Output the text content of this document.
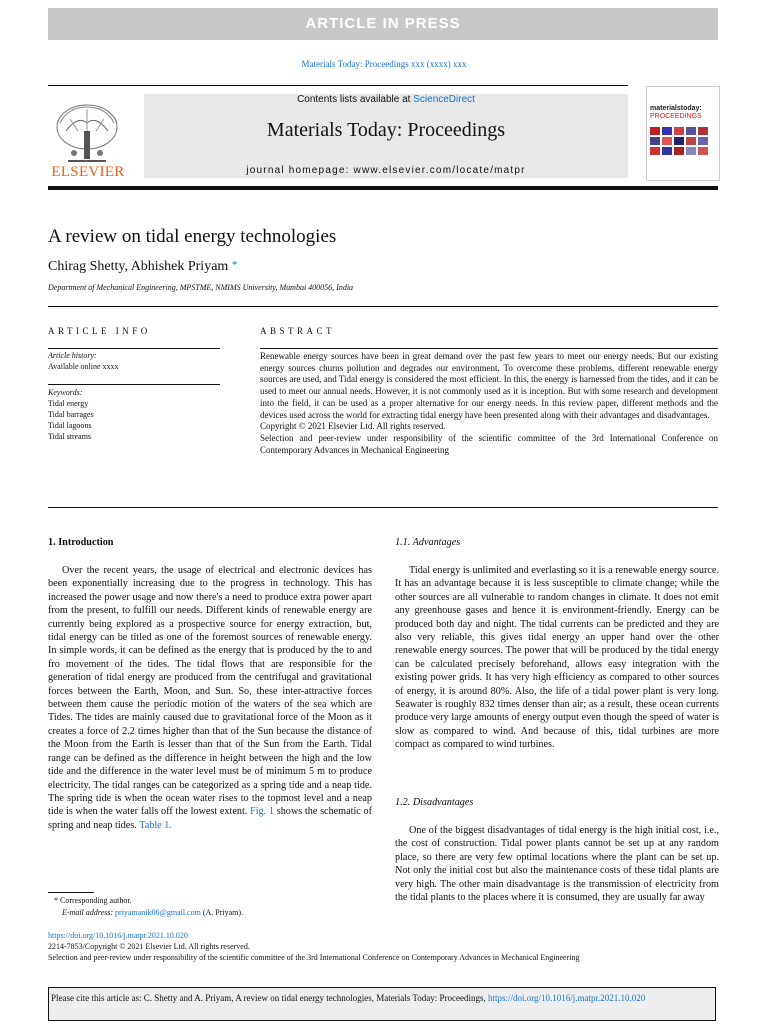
ARTICLE IN PRESS
Materials Today: Proceedings xxx (xxxx) xxx
ELSEVIER
Contents lists available at ScienceDirect
Materials Today: Proceedings
journal homepage: www.elsevier.com/locate/matpr
materialstoday:
PROCEEDINGS
A review on tidal energy technologies
Chirag Shetty, Abhishek Priyam *
Department of Mechanical Engineering, MPSTME, NMIMS University, Mumbai 400056, India
ARTICLE INFO
Article history:
Available online xxxx
Keywords:
Tidal energy
Tidal barrages
Tidal lagoons
Tidal streams
ABSTRACT

Renewable energy sources have been in great demand over the past few years to meet our energy needs. But our existing energy sources churns pollution and degrades our environment. To overcome these problems, different renewable energy sources are used, and Tidal energy is considered the most efficient. In this, the energy is harnessed from the tides, and it can be used to meet our annual needs. However, it is not commonly used as it is inception. But with some research and development into the field, it can be used as a proper alternative for our energy needs. In this review paper, different methods and the devices used across the world for extracting tidal energy have been presented along with their advantages and disadvantages.

Copyright © 2021 Elsevier Ltd. All rights reserved.

Selection and peer-review under responsibility of the scientific committee of the 3rd International Conference on Contemporary Advances in Mechanical Engineering

1. Introduction

Over the recent years, the usage of electrical and electronic devices has been exponentially increasing due to the progress in technology. This has increased the power usage and now there's a need to produce extra power apart from the present, to fulfill our needs. Different kinds of renewable energy are currently being explored as a prospective source for energy extraction, but, tidal energy can be titled as one of the foremost sources of renewable energy. In simple words, it can be defined as the energy that is produced by the to and fro movement of the tides. The tidal flows that are responsible for the generation of tidal energy are produced from the centrifugal and gravitational forces between the Earth, Moon, and Sun. So, these inter-attractive forces between them cause the periodic motion of the waters of the sea which are Tides. The tides are mainly caused due to gravitational force of the Moon as it creates a force of 2.2 times higher than that of the Sun because the distance of the Moon from the Earth is lesser than that of the Sun from the Earth. Tidal range can be defined as the difference in height between the high and the low tide and the difference in the water level must be of minimum 5 m to produce electricity. The tidal ranges can be categorized as a spring tide and a neap tide. The spring tide is when the ocean water rises to the topmost level and a neap tide is when the water falls off the lowest extent. Fig. 1 shows the schematic of spring and neap tides. Table 1.

* Corresponding author.
E-mail address: priyamanik06@gmail.com (A. Priyam).
1.1. Advantages

Tidal energy is unlimited and everlasting so it is a renewable energy source. It has an advantage because it is less susceptible to climate change; while the other sources are all vulnerable to random changes in climate. It does not emit any greenhouse gases and hence it is environment-friendly. Energy can be produced both day and night. The tidal currents can be predicted and they are also very reliable, this gives tidal energy an upper hand over the other renewable energy sources. The power that will be produced by the tidal energy can be calculated precisely beforehand, allows easy integration with the existing power grids. It has very high efficiency as compared to other sources of energy, it is around 80%. Also, the life of a tidal power plant is very long. Seawater is roughly 832 times denser than air; as a result, these ocean currents produce very large amounts of energy output even though the speed of water is slow as compared to wind. And because of this, tidal turbines are more compact as compared to wind turbines.

1.2. Disadvantages

One of the biggest disadvantages of tidal energy is the high initial cost, i.e., the cost of construction. Tidal power plants cannot be set up at any random place, so there are very few optimal locations where the plant can be set up. Not only the initial cost but also the maintenance costs of these tidal plants are very high. The other main disadvantage is the transmission of electricity from the tidal plants to the places where it is consumed, they are usually far away

https://doi.org/10.1016/j.matpr.2021.10.020
2214-7853/Copyright © 2021 Elsevier Ltd. All rights reserved.
Selection and peer-review under responsibility of the scientific committee of the 3rd International Conference on Contemporary Advances in Mechanical Engineering
Please cite this article as: C. Shetty and A. Priyam, A review on tidal energy technologies, Materials Today: Proceedings, https://doi.org/10.1016/j.matpr.2021.10.020
